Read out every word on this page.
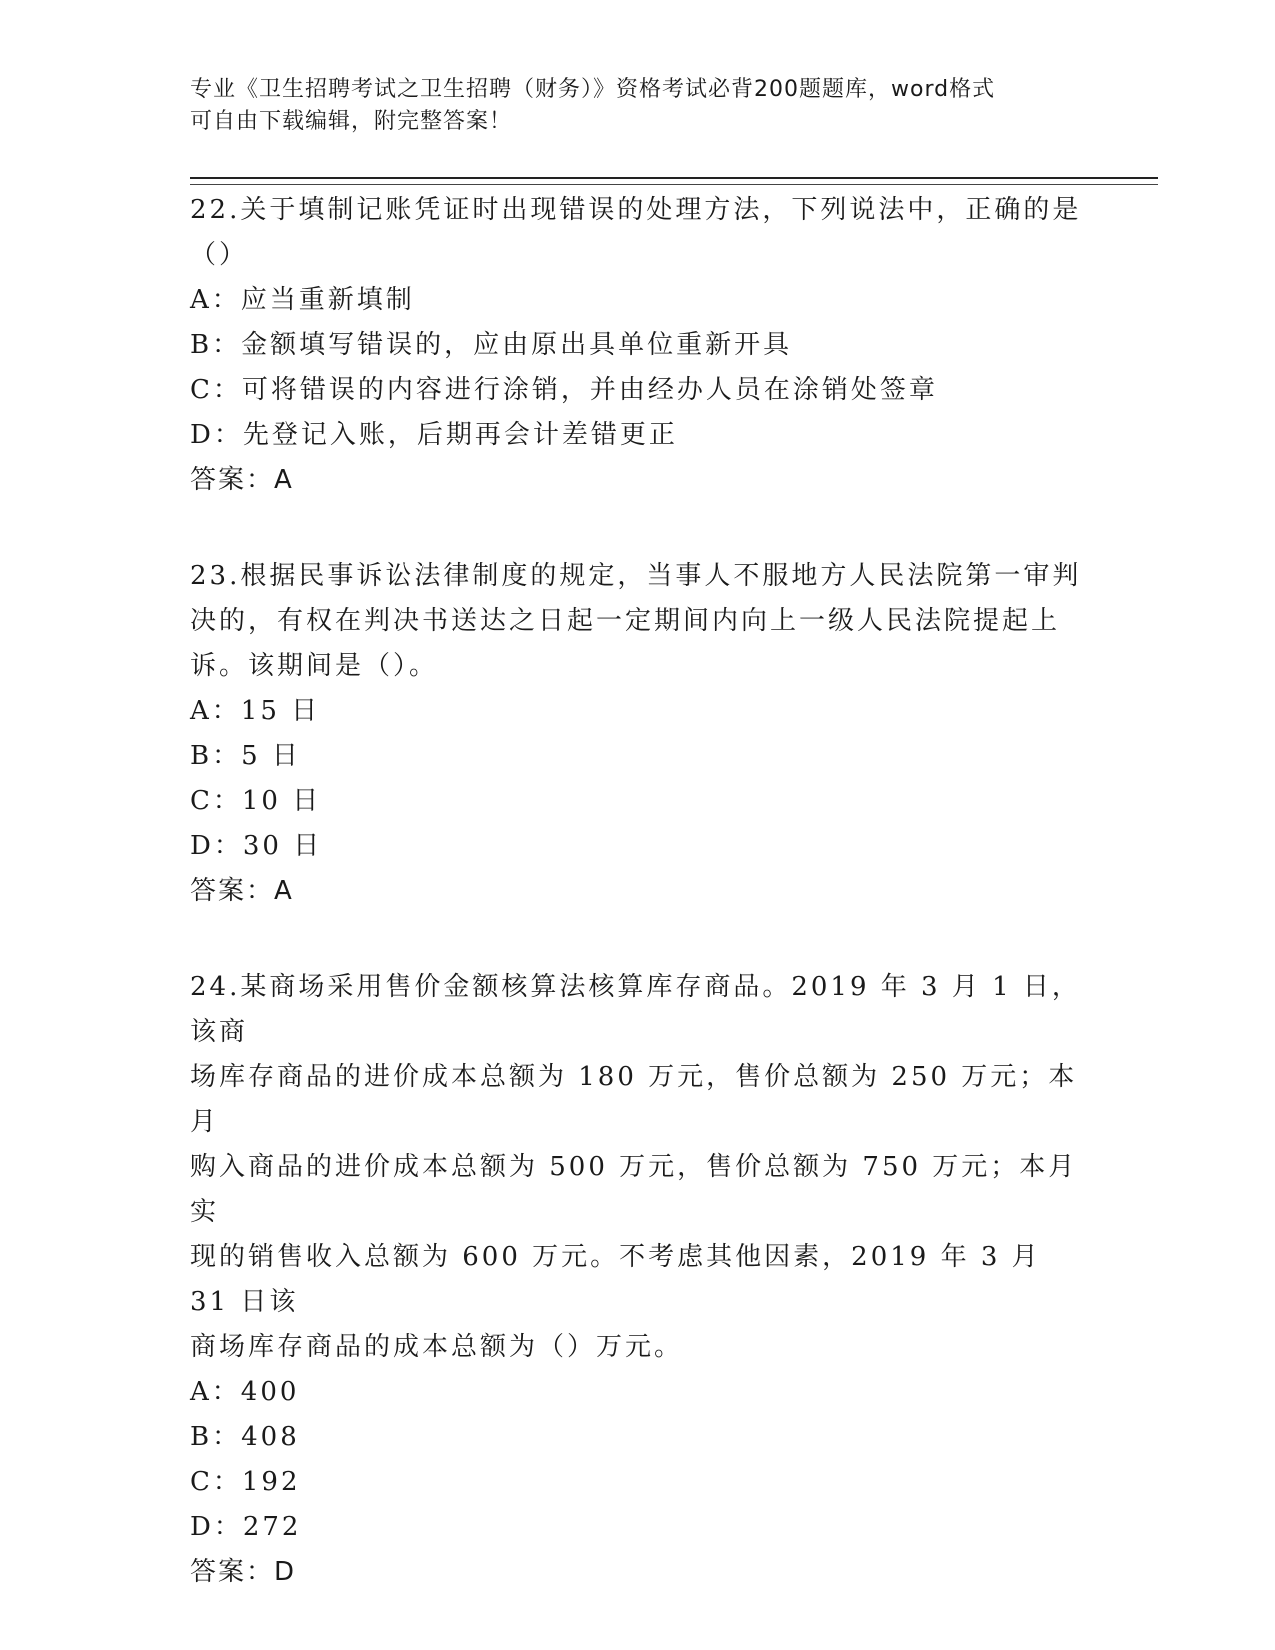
专业《卫生招聘考试之卫生招聘（财务）》资格考试必背200题题库，word格式
可自由下载编辑，附完整答案！

22.关于填制记账凭证时出现错误的处理方法，下列说法中，正确的是

（）

A：应当重新填制

B：金额填写错误的，应由原出具单位重新开具

C：可将错误的内容进行涂销，并由经办人员在涂销处签章

D：先登记入账，后期再会计差错更正

答案：A

23.根据民事诉讼法律制度的规定，当事人不服地方人民法院第一审判

决的，有权在判决书送达之日起一定期间内向上一级人民法院提起上

诉。该期间是（）。

A：15 日

B：5 日

C：10 日

D：30 日

答案：A

24.某商场采用售价金额核算法核算库存商品。2019 年 3 月 1 日，该商

场库存商品的进价成本总额为 180 万元，售价总额为 250 万元；本月

购入商品的进价成本总额为 500 万元，售价总额为 750 万元；本月实

现的销售收入总额为 600 万元。不考虑其他因素，2019 年 3 月 31 日该

商场库存商品的成本总额为（）万元。

A：400

B：408

C：192

D：272

答案：D
